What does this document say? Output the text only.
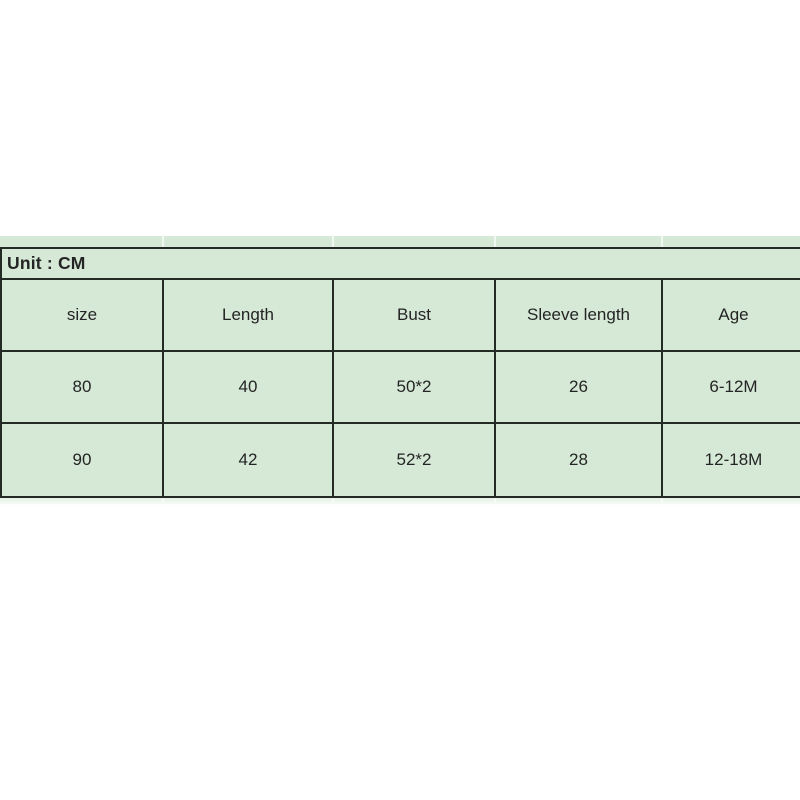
Unit : CM
size	Length	Bust	Sleeve length	Age
80	40	50*2	26	6-12M
90	42	52*2	28	12-18M
